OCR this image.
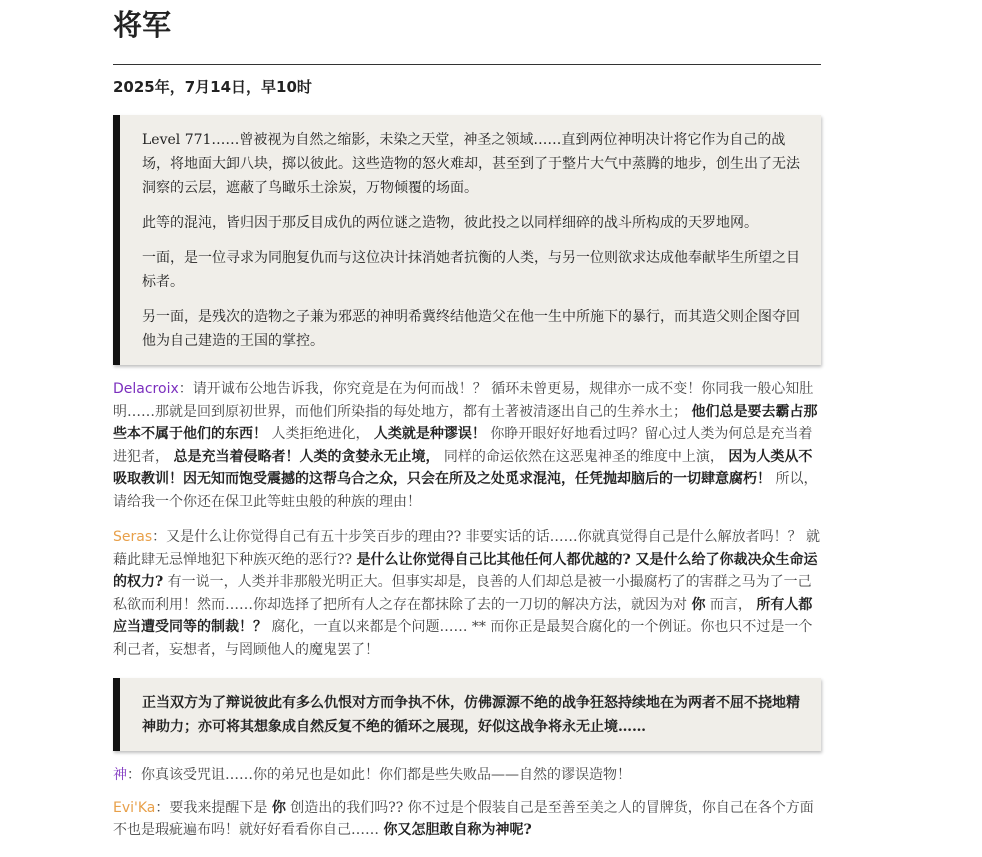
将军
2025年，7月14日，早10时

Level 771……曾被视为自然之缩影，未染之天堂，神圣之领域……直到两位神明决计将它作为自己的战场，将地面大卸八块，掷以彼此。这些造物的怒火难却，甚至到了于整片大气中蒸腾的地步，创生出了无法洞察的云层，遮蔽了鸟瞰乐土涂炭，万物倾覆的场面。

此等的混沌，皆归因于那反目成仇的两位谜之造物，彼此投之以同样细碎的战斗所构成的天罗地网。

一面，是一位寻求为同胞复仇而与这位决计抹消她者抗衡的人类，与另一位则欲求达成他奉献毕生所望之目标者。

另一面，是残次的造物之子兼为邪恶的神明希冀终结他造父在他一生中所施下的暴行，而其造父则企图夺回他为自己建造的王国的掌控。

Delacroix：请开诚布公地告诉我，你究竟是在为何而战！？ 循环未曾更易，规律亦一成不变！你同我一般心知肚明……那就是回到原初世界，而他们所染指的每处地方，都有土著被清逐出自己的生养水土； 他们总是要去霸占那些本不属于他们的东西！ 人类拒绝进化， 人类就是种谬误！ 你睁开眼好好地看过吗？留心过人类为何总是充当着进犯者， 总是充当着侵略者！人类的贪婪永无止境， 同样的命运依然在这恶鬼神圣的维度中上演， 因为人类从不吸取教训！因无知而饱受震撼的这帮乌合之众，只会在所及之处觅求混沌，任凭抛却脑后的一切肆意腐朽！ 所以，请给我一个你还在保卫此等蛀虫般的种族的理由！

Seras：又是什么让你觉得自己有五十步笑百步的理由?? 非要实话的话……你就真觉得自己是什么解放者吗！？ 就藉此肆无忌惮地犯下种族灭绝的恶行?? 是什么让你觉得自己比其他任何人都优越的? 又是什么给了你裁决众生命运的权力? 有一说一，人类并非那般光明正大。但事实却是，良善的人们却总是被一小撮腐朽了的害群之马为了一己私欲而利用！然而……你却选择了把所有人之存在都抹除了去的一刀切的解决方法，就因为对 你 而言， 所有人都应当遭受同等的制裁！？ 腐化，一直以来都是个问题…… ** 而你正是最契合腐化的一个例证。你也只不过是一个利己者，妄想者，与罔顾他人的魔鬼罢了！

正当双方为了辩说彼此有多么仇恨对方而争执不休，仿佛源源不绝的战争狂怒持续地在为两者不屈不挠地精神助力；亦可将其想象成自然反复不绝的循环之展现，好似这战争将永无止境……

神：你真该受咒诅……你的弟兄也是如此！你们都是些失败品——自然的谬误造物！

Evi'Ka：要我来提醒下是 你 创造出的我们吗?? 你不过是个假装自己是至善至美之人的冒牌货，你自己在各个方面不也是瑕疵遍布吗！就好好看看你自己…… 你又怎胆敢自称为神呢?
